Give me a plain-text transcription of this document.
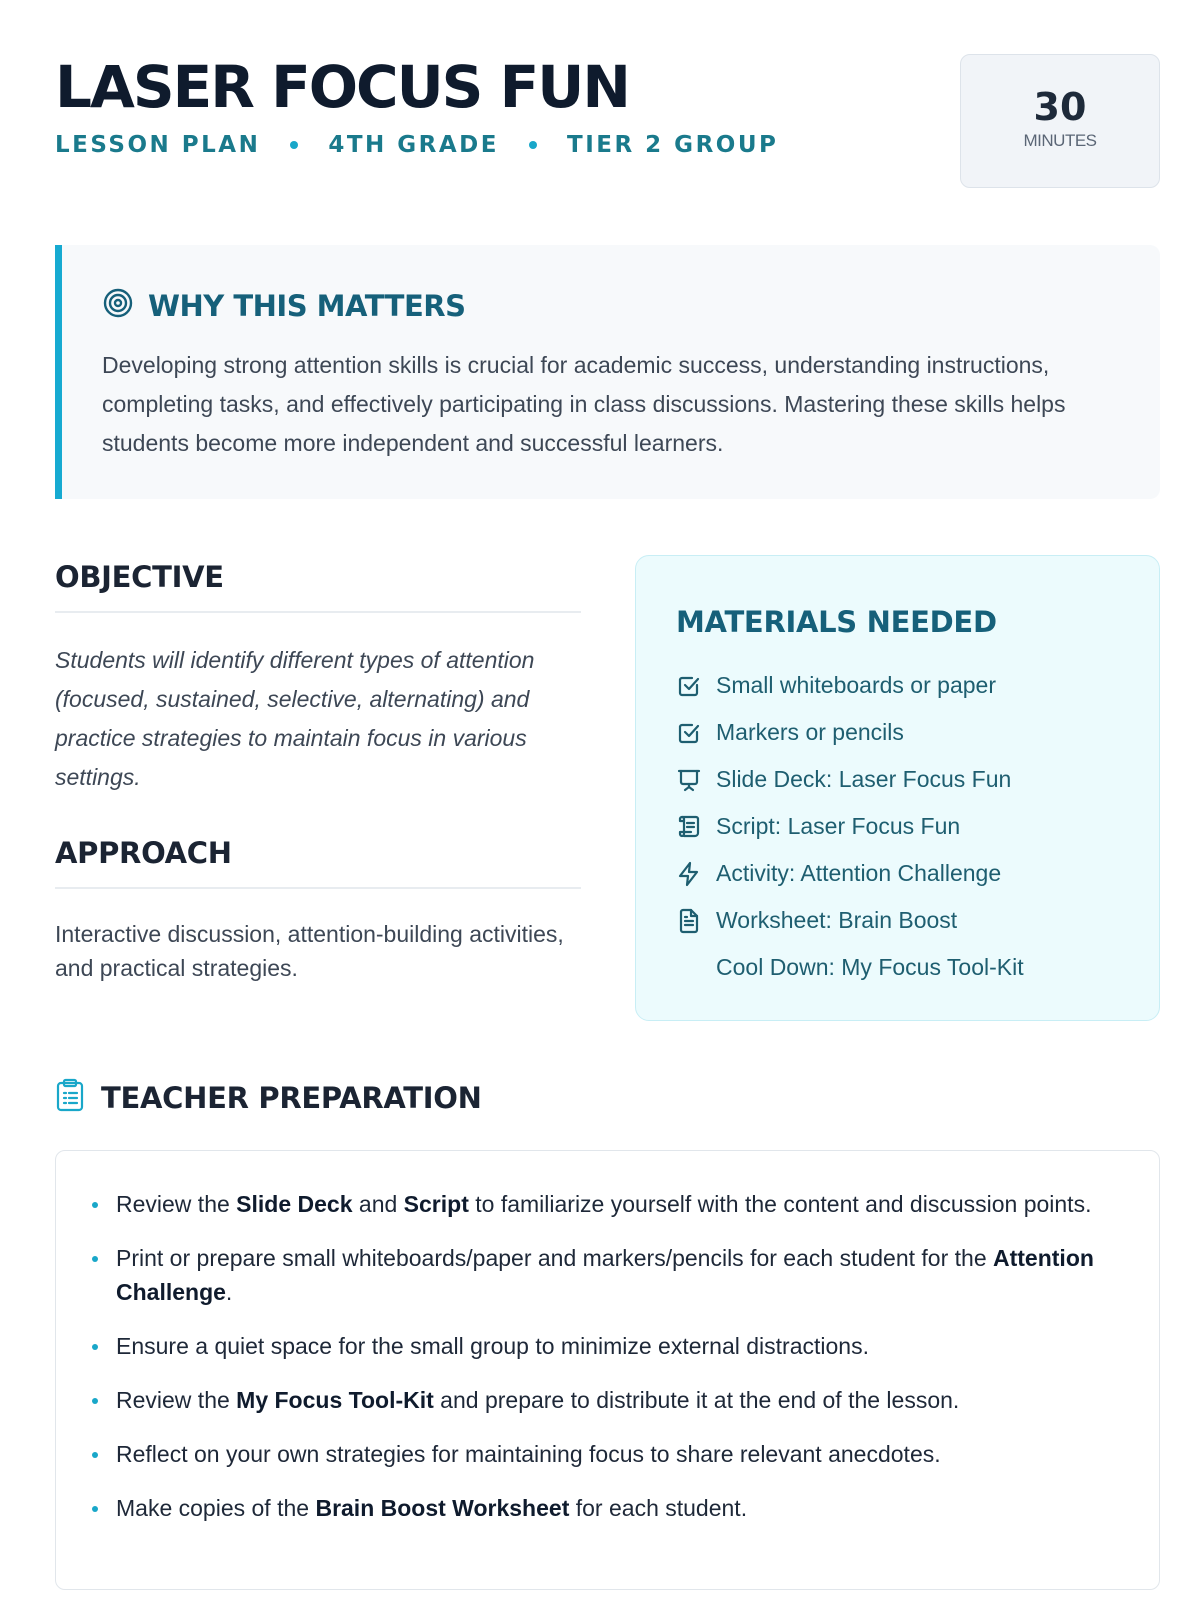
LASER FOCUS FUN
LESSON PLAN	4TH GRADE	TIER 2 GROUP
30
MINUTES
WHY THIS MATTERS

Developing strong attention skills is crucial for academic success, understanding instructions, completing tasks, and effectively participating in class discussions. Mastering these skills helps students become more independent and successful learners.

OBJECTIVE

Students will identify different types of attention (focused, sustained, selective, alternating) and practice strategies to maintain focus in various settings.

APPROACH

Interactive discussion, attention-building activities, and practical strategies.

MATERIALS NEEDED
Small whiteboards or paper
Markers or pencils
Slide Deck: Laser Focus Fun
Script: Laser Focus Fun
Activity: Attention Challenge
Worksheet: Brain Boost
Cool Down: My Focus Tool-Kit
TEACHER PREPARATION
Review the Slide Deck and Script to familiarize yourself with the content and discussion points.
Print or prepare small whiteboards/paper and markers/pencils for each student for the Attention Challenge.
Ensure a quiet space for the small group to minimize external distractions.
Review the My Focus Tool-Kit and prepare to distribute it at the end of the lesson.
Reflect on your own strategies for maintaining focus to share relevant anecdotes.
Make copies of the Brain Boost Worksheet for each student.
